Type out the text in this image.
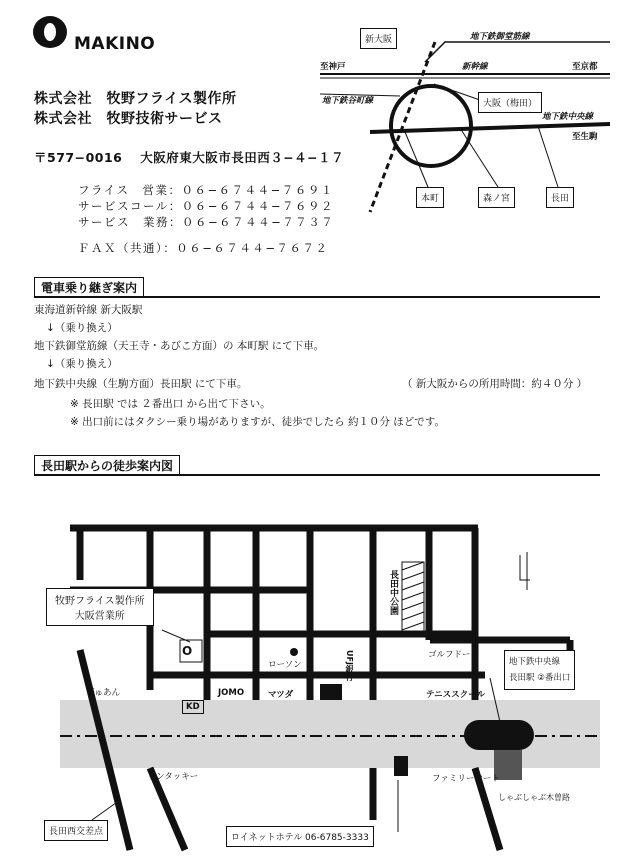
MAKINO
株式会社　牧野フライス製作所
株式会社　牧野技術サービス
〒577−0016　 大阪府東大阪市長田西３−４−１７
フライス　営業：０６−６７４４−７６９１
サービスコール：０６−６７４４−７６９２
サービス　業務：０６−６７４４−７７３７
ＦＡＸ（共通）：０６−６７４４−７６７２
新大阪	地下鉄御堂筋線
至神戸	新幹線	至京都
地下鉄谷町線	大阪（梅田）
地下鉄中央線
至生駒
本町	森ノ宮	長田
電車乗り継ぎ案内
東海道新幹線 新大阪駅
↓（乗り換え）
地下鉄御堂筋線（天王寺・あびこ方面）の 本町駅 にて下車。
↓（乗り換え）
地下鉄中央線（生駒方面）長田駅 にて下車。	（ 新大阪からの所用時間：約４０分 ）
※ 長田駅 では ２番出口 から出て下さい。
※ 出口前にはタクシー乗り場がありますが、徒歩でしたら 約１０分 ほどです。
長田駅からの徒歩案内図
牧野フライス製作所
大阪営業所
O
ローソン
長田中公園
UFJ銀行	ゴルフドーム
テニススクール
地下鉄中央線
長田駅 ②番出口
ぎゅあん
KD
JOMO	マツダ
ケンタッキー	ファミリーマート
しゃぶしゃぶ木曽路
長田西交差点
ロイネットホテル 06-6785-3333
